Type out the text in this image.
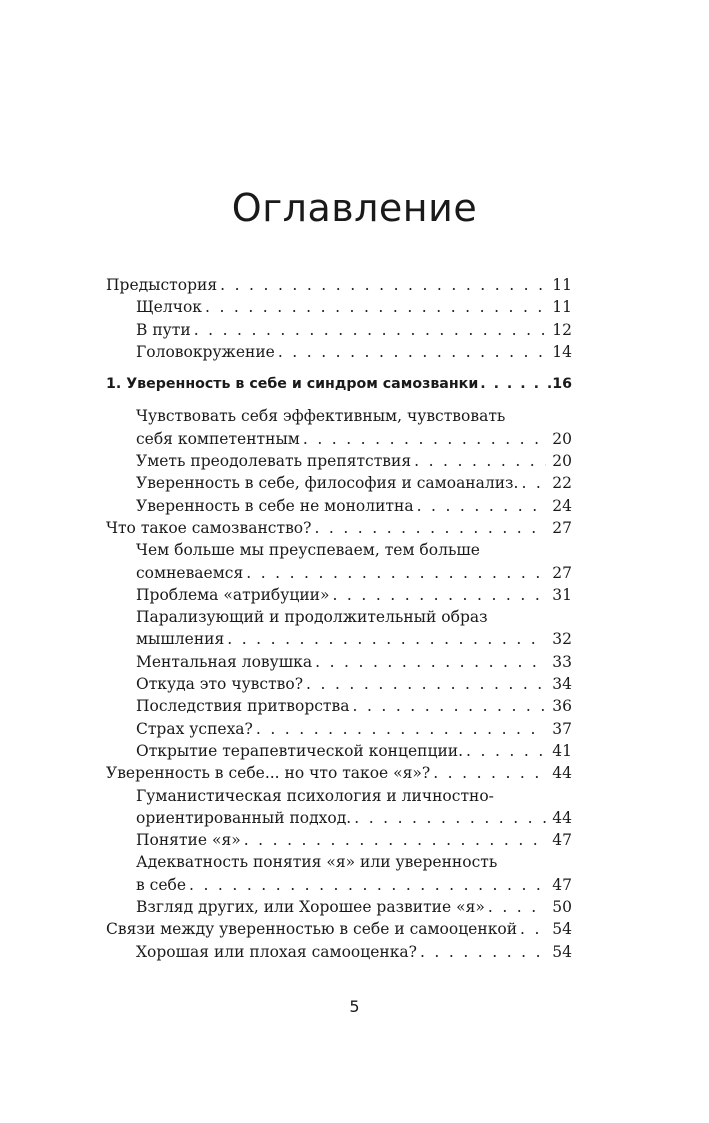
Оглавление
Предыстория . . .	11
Щелчок . . .	11
В пути . . .	12
Головокружение . . .	14
1. Уверенность в себе и синдром самозванки . . .	16
Чувствовать себя эффективным, чувствовать
себя компетентным . . .	20
Уметь преодолевать препятствия . . .	20
Уверенность в себе, философия и самоанализ. . . . 22
Уверенность в себе не монолитна . . .	24
Что такое самозванство? . . .	27
Чем больше мы преуспеваем, тем больше
сомневаемся . . .	27
Проблема «атрибуции» . . .	31
Парализующий и продолжительный образ
мышления . . .	32
Ментальная ловушка . . .	33
Откуда это чувство? . . .	34
Последствия притворства . . .	36
Страх успеха? . . .	37
Открытие терапевтической концепции. . . .	41
Уверенность в себе... но что такое «я»? . . .	44
Гуманистическая психология и личностно-
ориентированный подход. . . .	44
Понятие «я» . . .	47
Адекватность понятия «я» или уверенность
в себе . . .	47
Взгляд других, или Хорошее развитие «я» . . .	50
Связи между уверенностью в себе и самооценкой . . . 54
Хорошая или плохая самооценка? . . .	54
5
